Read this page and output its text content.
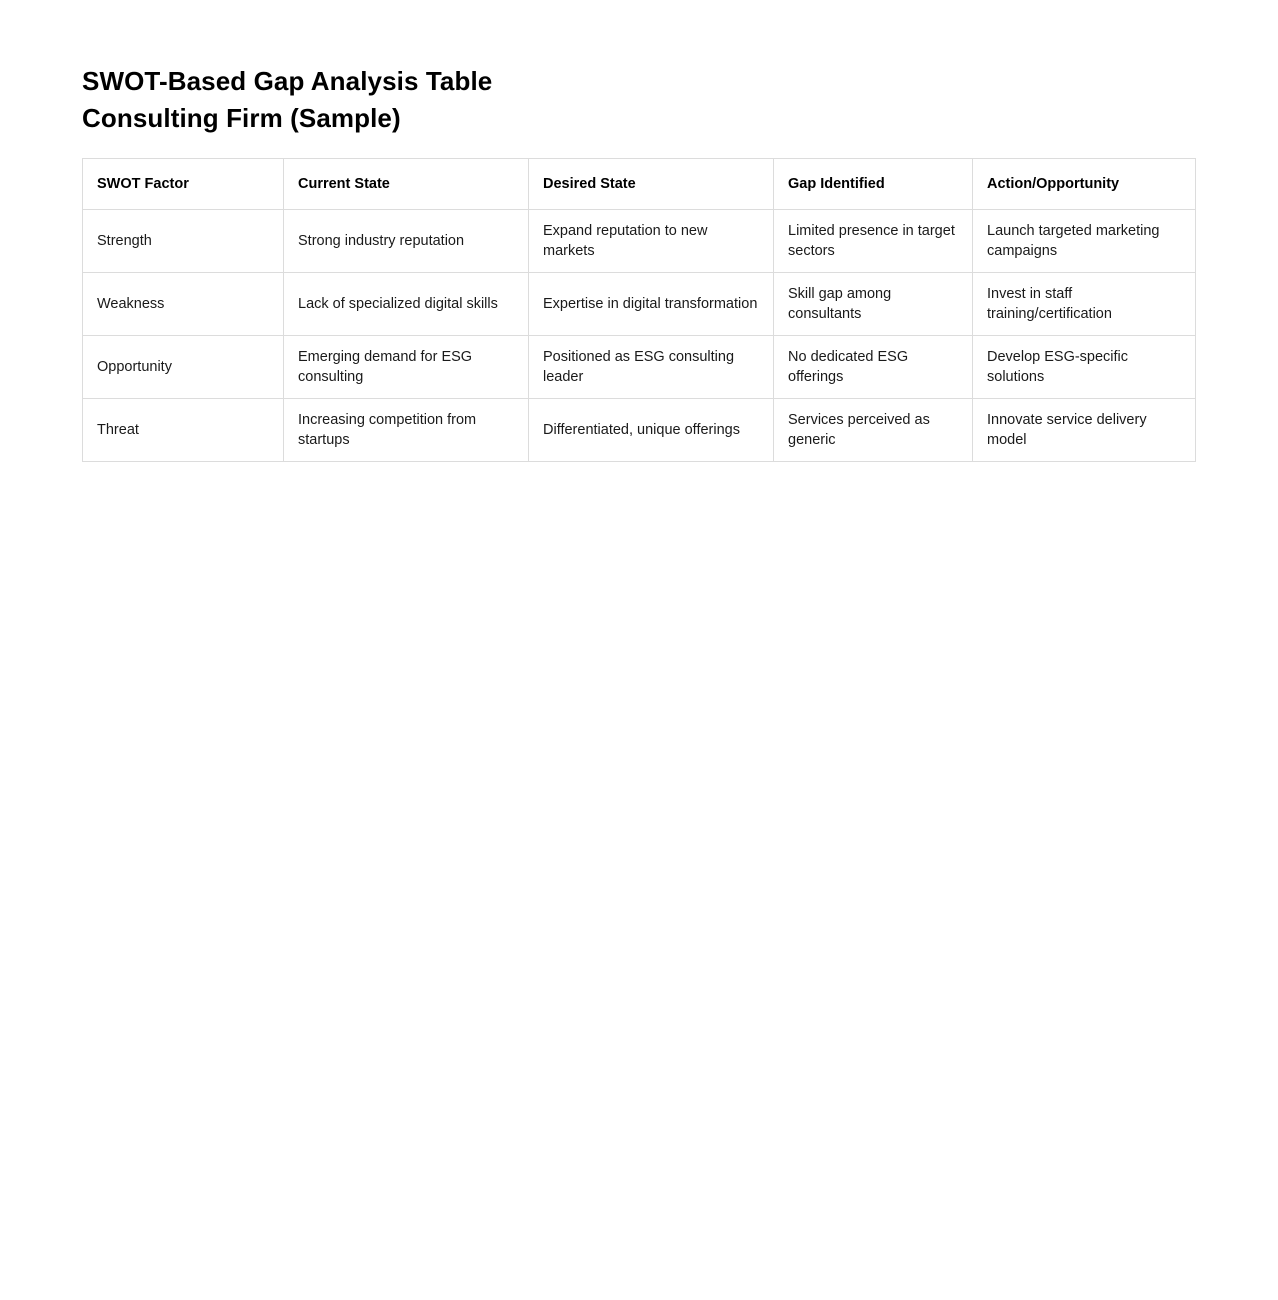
SWOT-Based Gap Analysis Table
Consulting Firm (Sample)
SWOT Factor	Current State	Desired State	Gap Identified	Action/Opportunity
Strength	Strong industry reputation	Expand reputation to new markets	Limited presence in target sectors	Launch targeted marketing campaigns
Weakness	Lack of specialized digital skills	Expertise in digital transformation	Skill gap among consultants	Invest in staff training/certification
Opportunity	Emerging demand for ESG consulting	Positioned as ESG consulting leader	No dedicated ESG offerings	Develop ESG-specific solutions
Threat	Increasing competition from startups	Differentiated, unique offerings	Services perceived as generic	Innovate service delivery model
